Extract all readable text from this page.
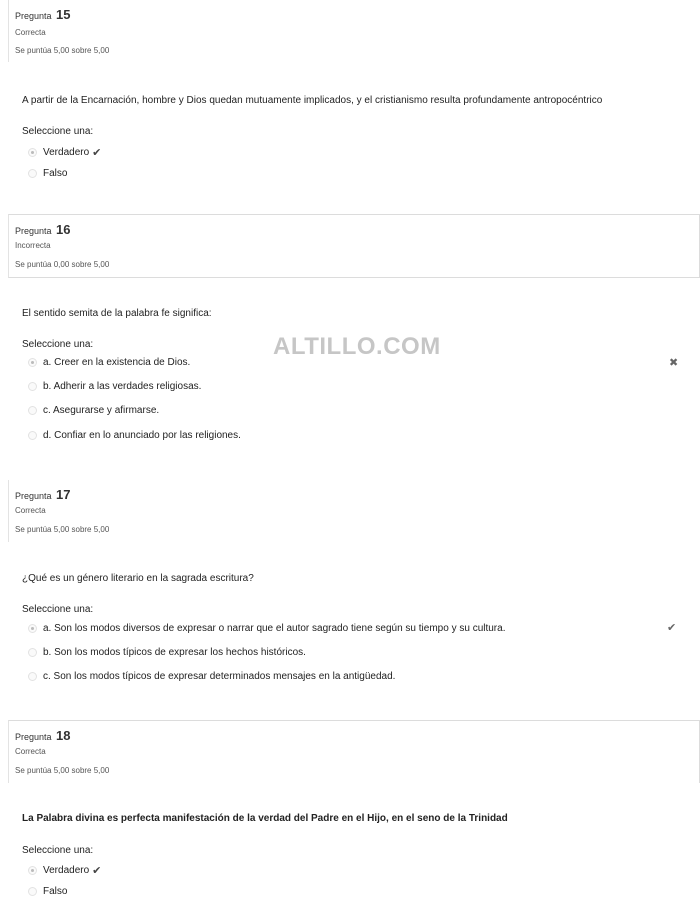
Pregunta 15
Correcta
Se puntúa 5,00 sobre 5,00
A partir de la Encarnación, hombre y Dios quedan mutuamente implicados, y el cristianismo resulta profundamente antropocéntrico
Seleccione una:
Verdadero ✔
Falso
Pregunta 16
Incorrecta
Se puntúa 0,00 sobre 5,00
El sentido semita de la palabra fe significa:
Seleccione una:
a. Creer en la existencia de Dios.	✖
b. Adherir a las verdades religiosas.
c. Asegurarse y afirmarse.
d. Confiar en lo anunciado por las religiones.
ALTILLO.COM
Pregunta 17
Correcta
Se puntúa 5,00 sobre 5,00
¿Qué es un género literario en la sagrada escritura?
Seleccione una:
a. Son los modos diversos de expresar o narrar que el autor sagrado tiene según su tiempo y su cultura.	✔
b. Son los modos típicos de expresar los hechos históricos.
c. Son los modos típicos de expresar determinados mensajes en la antigüedad.
Pregunta 18
Correcta
Se puntúa 5,00 sobre 5,00
La Palabra divina es perfecta manifestación de la verdad del Padre en el Hijo, en el seno de la Trinidad
Seleccione una:
Verdadero ✔
Falso
